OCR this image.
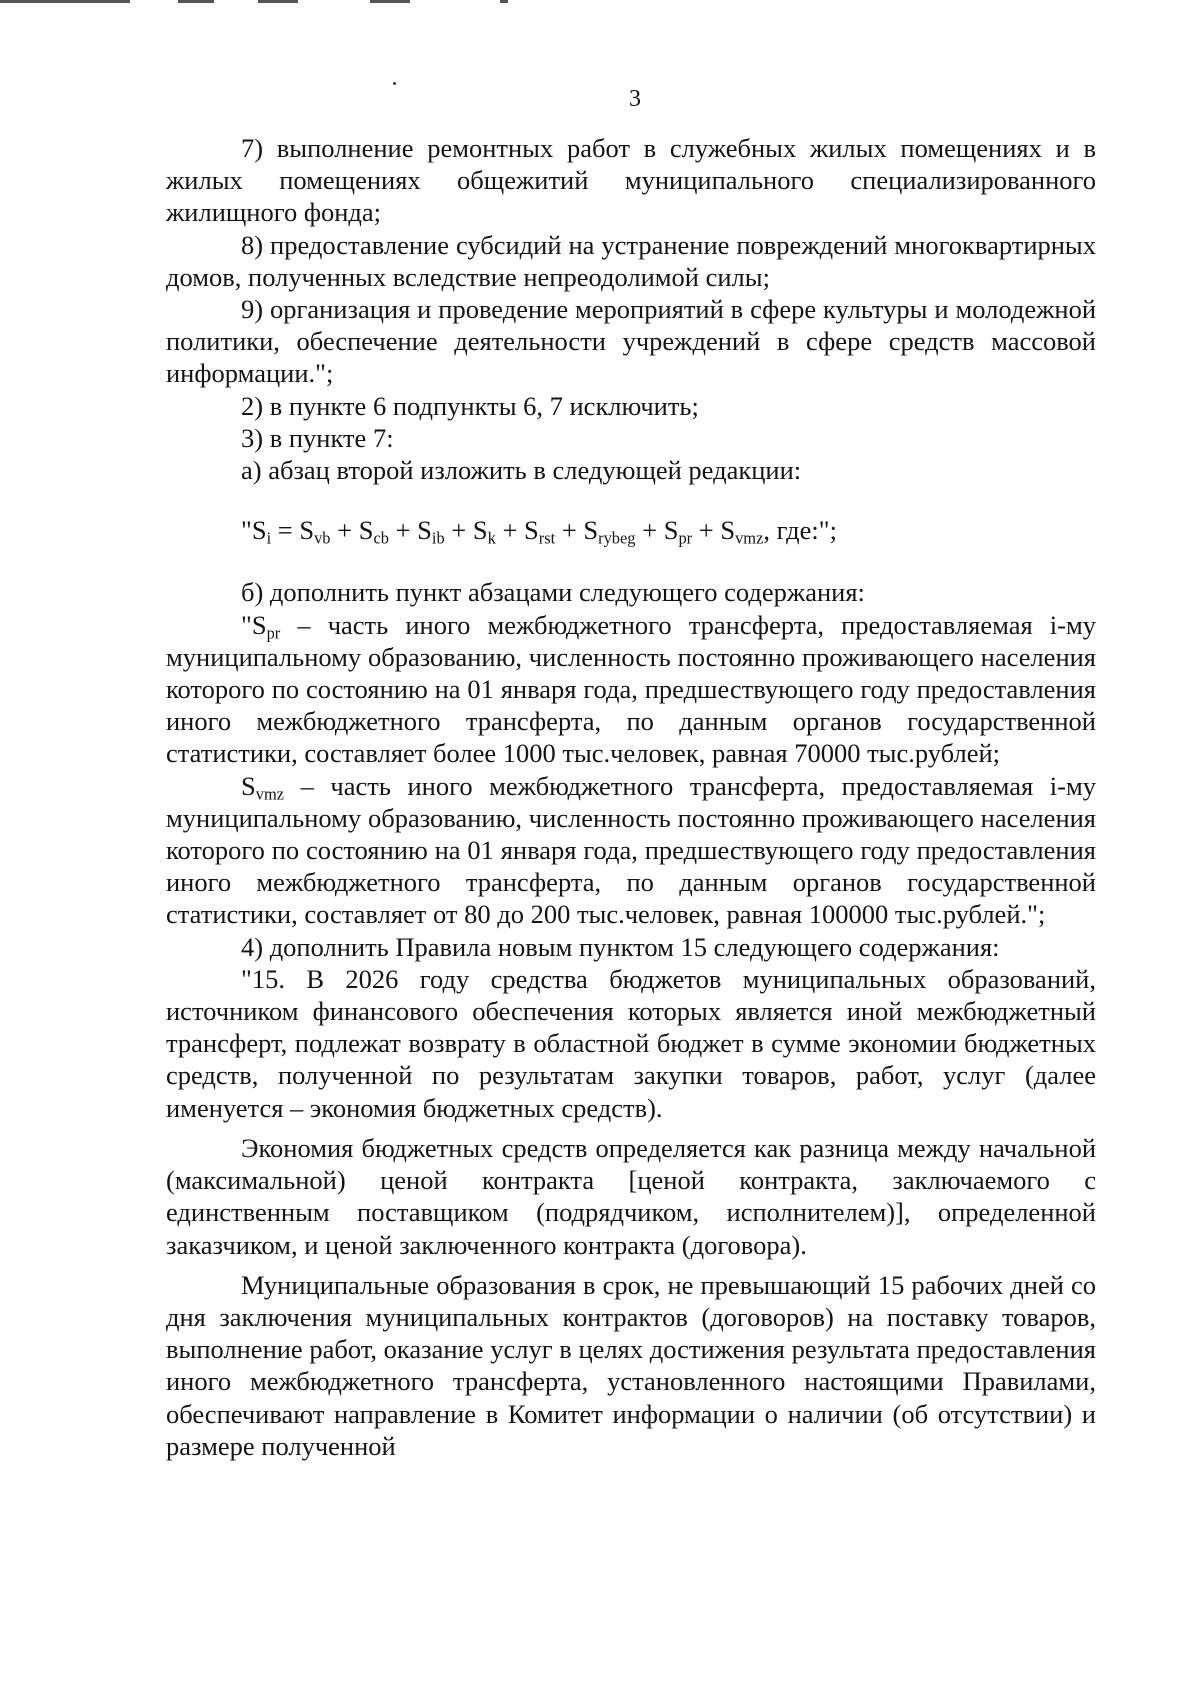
3

7) выполнение ремонтных работ в служебных жилых помещениях и в жилых помещениях общежитий муниципального специализированного жилищного фонда;

8) предоставление субсидий на устранение повреждений многоквартирных домов, полученных вследствие непреодолимой силы;

9) организация и проведение мероприятий в сфере культуры и молодежной политики, обеспечение деятельности учреждений в сфере средств массовой информации.";

2) в пункте 6 подпункты 6, 7 исключить;

3) в пункте 7:

а) абзац второй изложить в следующей редакции:

"$S_i = S_{vb} + S_{cb} + S_{ib} + S_k + S_{rst} + S_{rybeg} + S_{pr} + S_{vmz}$, где:";

б) дополнить пункт абзацами следующего содержания:

"$S_{pr}$ – часть иного межбюджетного трансферта, предоставляемая i-му муниципальному образованию, численность постоянно проживающего населения которого по состоянию на 01 января года, предшествующего году предоставления иного межбюджетного трансферта, по данным органов государственной статистики, составляет более 1000 тыс.человек, равная 70000 тыс.рублей;

$S_{vmz}$ – часть иного межбюджетного трансферта, предоставляемая i-му муниципальному образованию, численность постоянно проживающего населения которого по состоянию на 01 января года, предшествующего году предоставления иного межбюджетного трансферта, по данным органов государственной статистики, составляет от 80 до 200 тыс.человек, равная 100000 тыс.рублей.";

4) дополнить Правила новым пунктом 15 следующего содержания:

"15. В 2026 году средства бюджетов муниципальных образований, источником финансового обеспечения которых является иной межбюджетный трансферт, подлежат возврату в областной бюджет в сумме экономии бюджетных средств, полученной по результатам закупки товаров, работ, услуг (далее именуется – экономия бюджетных средств).

Экономия бюджетных средств определяется как разница между начальной (максимальной) ценой контракта [ценой контракта, заключаемого с единственным поставщиком (подрядчиком, исполнителем)], определенной заказчиком, и ценой заключенного контракта (договора).

Муниципальные образования в срок, не превышающий 15 рабочих дней со дня заключения муниципальных контрактов (договоров) на поставку товаров, выполнение работ, оказание услуг в целях достижения результата предоставления иного межбюджетного трансферта, установленного настоящими Правилами, обеспечивают направление в Комитет информации о наличии (об отсутствии) и размере полученной
